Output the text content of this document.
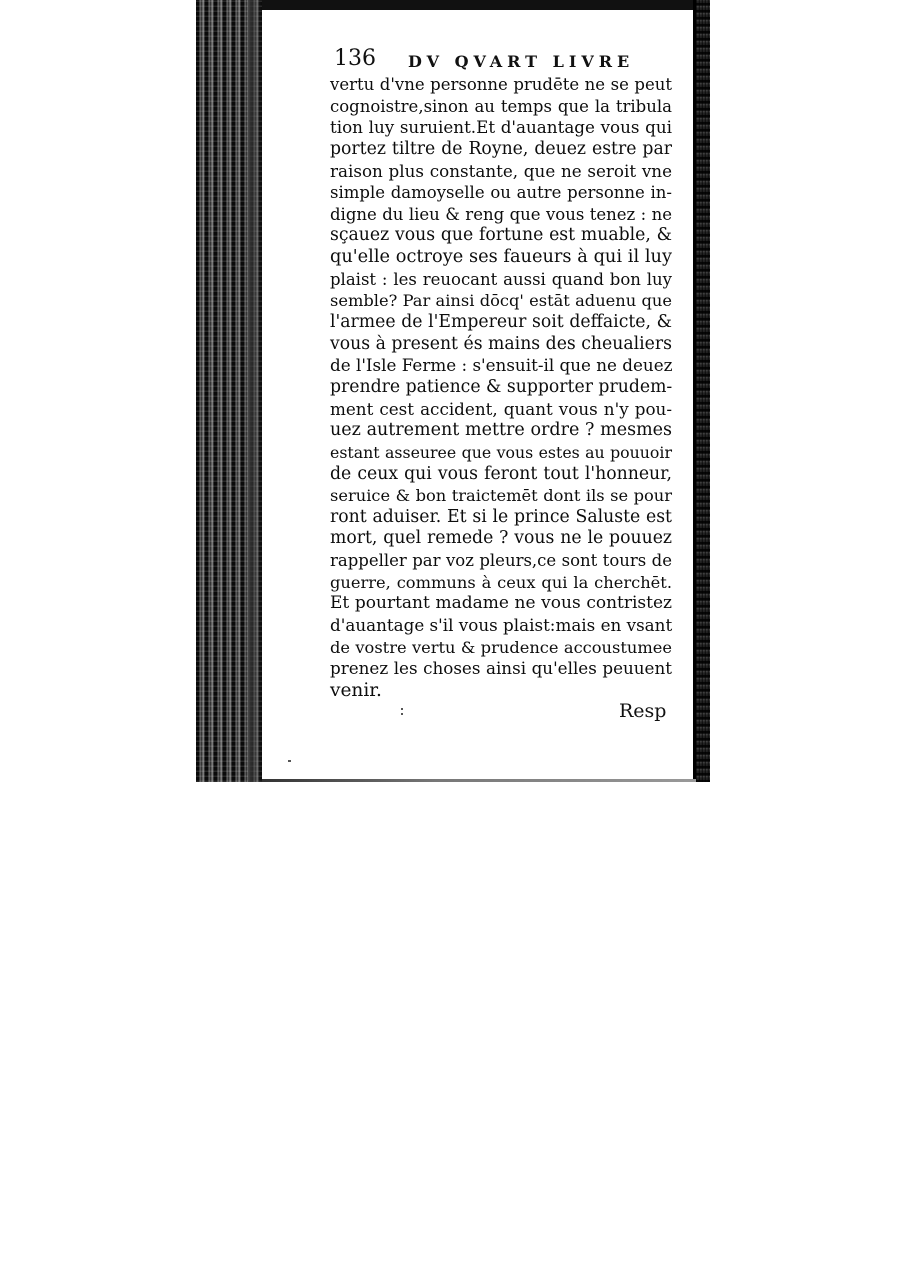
136 DV QVART LIVRE
vertu d'vne personne prudēte ne se peut
cognoistre,sinon au temps que la tribula
tion luy suruient.Et d'auantage vous qui
portez tiltre de Royne, deuez estre par
raison plus constante, que ne seroit vne
simple damoyselle ou autre personne in-
digne du lieu & reng que vous tenez : ne
sçauez vous que fortune est muable, &
qu'elle octroye ses faueurs à qui il luy
plaist : les reuocant aussi quand bon luy
semble? Par ainsi dōcq' estāt aduenu que
l'armee de l'Empereur soit deffaicte, &
vous à present és mains des cheualiers
de l'Isle Ferme : s'ensuit-il que ne deuez
prendre patience & supporter prudem-
ment cest accident, quant vous n'y pou-
uez autrement mettre ordre ? mesmes
estant asseuree que vous estes au pouuoir
de ceux qui vous feront tout l'honneur,
seruice & bon traictemēt dont ils se pour
ront aduiser. Et si le prince Saluste est
mort, quel remede ? vous ne le pouuez
rappeller par voz pleurs,ce sont tours de
guerre, communs à ceux qui la cherchēt.
Et pourtant madame ne vous contristez
d'auantage s'il vous plaist:mais en vsant
de vostre vertu & prudence accoustumee
prenez les choses ainsi qu'elles peuuent
venir.
Resp
